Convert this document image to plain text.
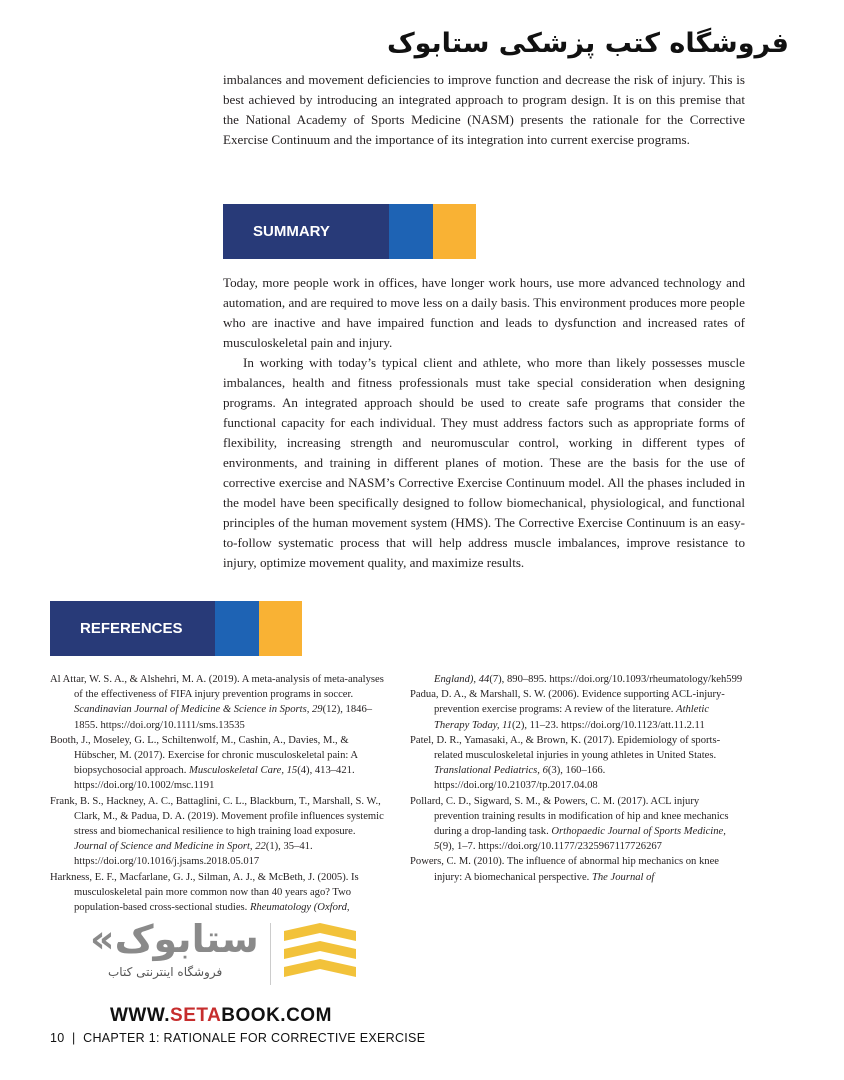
فروشگاه کتب پزشکی ستابوک

imbalances and movement deficiencies to improve function and decrease the risk of injury. This is best achieved by introducing an integrated approach to program design. It is on this premise that the National Academy of Sports Medicine (NASM) presents the rationale for the Corrective Exercise Continuum and the importance of its integration into current exercise programs.

SUMMARY

Today, more people work in offices, have longer work hours, use more advanced technology and automation, and are required to move less on a daily basis. This environment produces more people who are inactive and have impaired function and leads to dysfunction and increased rates of musculoskeletal pain and injury.

In working with today’s typical client and athlete, who more than likely possesses muscle imbalances, health and fitness professionals must take special consideration when designing programs. An integrated approach should be used to create safe programs that consider the functional capacity for each individual. They must address factors such as appropriate forms of flexibility, increasing strength and neuromuscular control, working in different types of environments, and training in different planes of motion. These are the basis for the use of corrective exercise and NASM’s Corrective Exercise Continuum model. All the phases included in the model have been specifically designed to follow biomechanical, physiological, and functional principles of the human movement system (HMS). The Corrective Exercise Continuum is an easy-to-follow systematic process that will help address muscle imbalances, improve resistance to injury, optimize movement quality, and maximize results.

REFERENCES

Al Attar, W. S. A., & Alshehri, M. A. (2019). A meta-analysis of meta-analyses of the effectiveness of FIFA injury prevention programs in soccer. Scandinavian Journal of Medicine & Science in Sports, 29(12), 1846–1855. https://doi.org/10.1111/sms.13535

Booth, J., Moseley, G. L., Schiltenwolf, M., Cashin, A., Davies, M., & Hübscher, M. (2017). Exercise for chronic musculoskeletal pain: A biopsychosocial approach. Musculoskeletal Care, 15(4), 413–421. https://doi.org/10.1002/msc.1191

Frank, B. S., Hackney, A. C., Battaglini, C. L., Blackburn, T., Marshall, S. W., Clark, M., & Padua, D. A. (2019). Movement profile influences systemic stress and biomechanical resilience to high training load exposure. Journal of Science and Medicine in Sport, 22(1), 35–41. https://doi.org/10.1016/j.jsams.2018.05.017

Harkness, E. F., Macfarlane, G. J., Silman, A. J., & McBeth, J. (2005). Is musculoskeletal pain more common now than 40 years ago? Two population-based cross-sectional studies. Rheumatology (Oxford,

England), 44(7), 890–895. https://doi.org/10.1093/rheumatology/keh599

Padua, D. A., & Marshall, S. W. (2006). Evidence supporting ACL-injury-prevention exercise programs: A review of the literature. Athletic Therapy Today, 11(2), 11–23. https://doi.org/10.1123/att.11.2.11

Patel, D. R., Yamasaki, A., & Brown, K. (2017). Epidemiology of sports-related musculoskeletal injuries in young athletes in United States. Translational Pediatrics, 6(3), 160–166. https://doi.org/10.21037/tp.2017.04.08

Pollard, C. D., Sigward, S. M., & Powers, C. M. (2017). ACL injury prevention training results in modification of hip and knee mechanics during a drop-landing task. Orthopaedic Journal of Sports Medicine, 5(9), 1–7. https://doi.org/10.1177/2325967117726267

Powers, C. M. (2010). The influence of abnormal hip mechanics on knee injury: A biomechanical perspective. The Journal of

«ستابوک
فروشگاه اینترنتی کتاب
WWW.SETABOOK.COM
10  |  CHAPTER 1: RATIONALE FOR CORRECTIVE EXERCISE
